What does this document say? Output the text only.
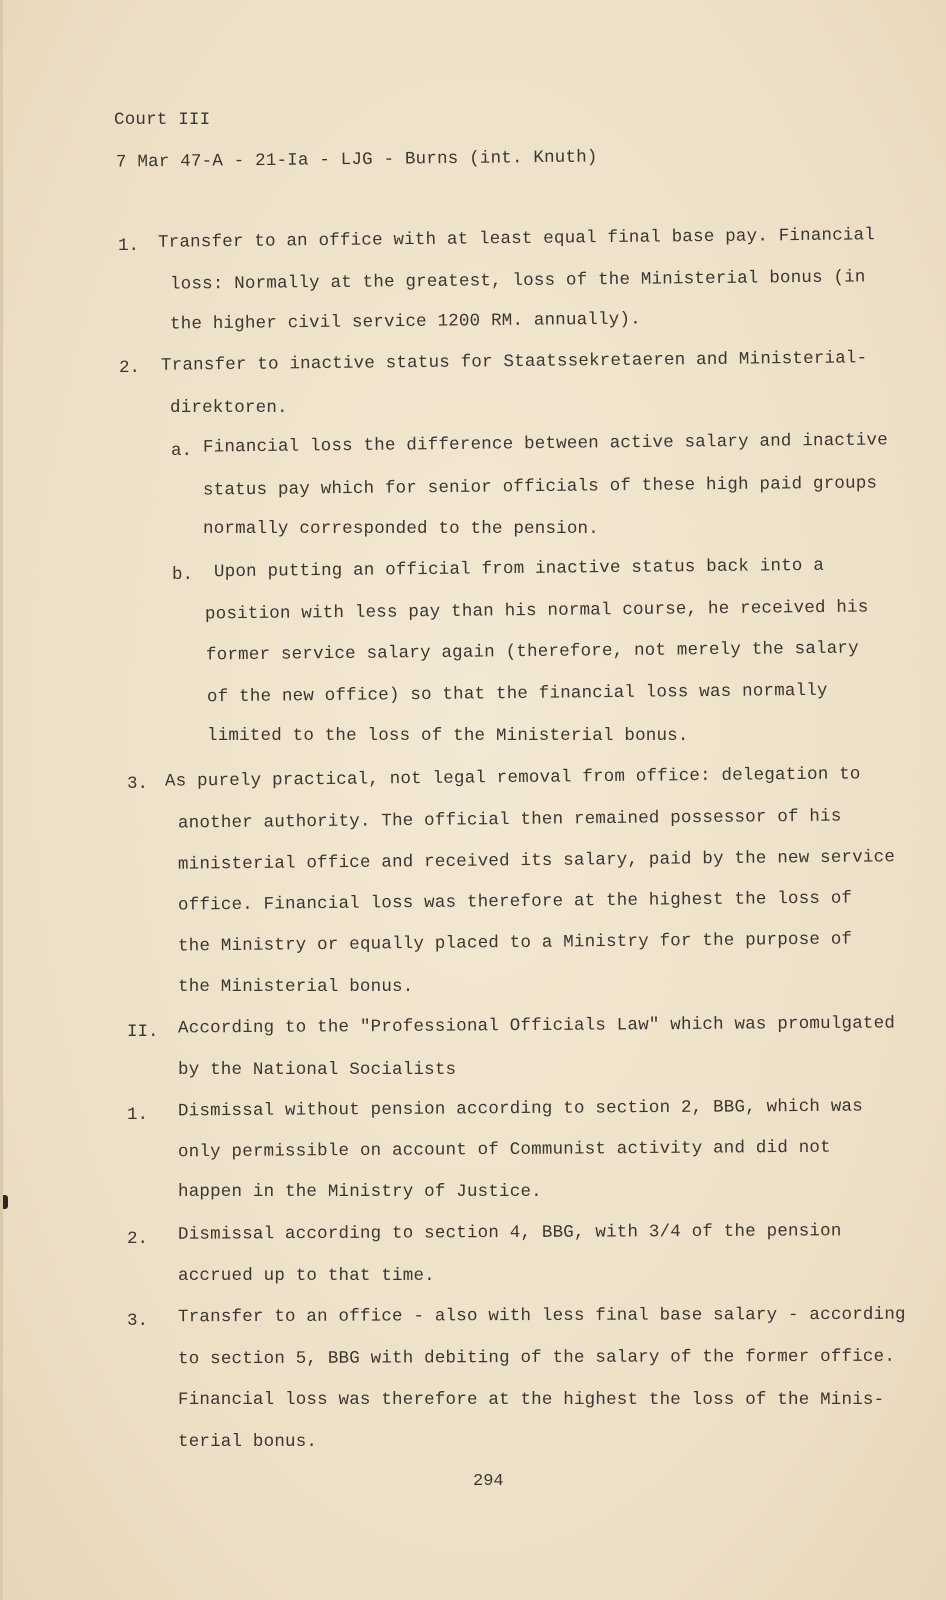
Court III
7 Mar 47-A - 21-Ia - LJG - Burns (int. Knuth)
1. Transfer to an office with at least equal final base pay. Financial
loss: Normally at the greatest, loss of the Ministerial bonus (in
the higher civil service 1200 RM. annually).
2. Transfer to inactive status for Staatssekretaeren and Ministerial-
direktoren.
a. Financial loss the difference between active salary and inactive
status pay which for senior officials of these high paid groups
normally corresponded to the pension.
b. Upon putting an official from inactive status back into a
position with less pay than his normal course, he received his
former service salary again (therefore, not merely the salary
of the new office) so that the financial loss was normally
limited to the loss of the Ministerial bonus.
3. As purely practical, not legal removal from office: delegation to
another authority. The official then remained possessor of his
ministerial office and received its salary, paid by the new service
office. Financial loss was therefore at the highest the loss of
the Ministry or equally placed to a Ministry for the purpose of
the Ministerial bonus.
II. According to the "Professional Officials Law" which was promulgated
by the National Socialists
1. Dismissal without pension according to section 2, BBG, which was
only permissible on account of Communist activity and did not
happen in the Ministry of Justice.
2. Dismissal according to section 4, BBG, with 3/4 of the pension
accrued up to that time.
3. Transfer to an office - also with less final base salary - according
to section 5, BBG with debiting of the salary of the former office.
Financial loss was therefore at the highest the loss of the Minis-
terial bonus.
294
